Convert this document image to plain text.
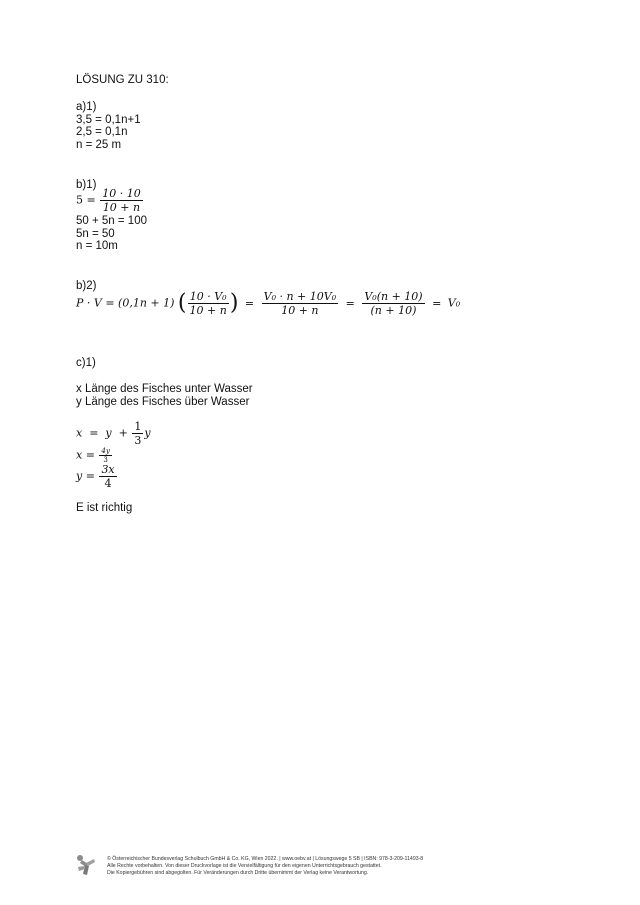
LÖSUNG ZU 310:
a)1)
3,5 = 0,1n+1
2,5 = 0,1n
n = 25 m
b)1)
$5 = \frac{10 \cdot 10}{10 + n}$
50 + 5n = 100
5n = 50
n = 10m
b)2)
P · V = (0,1n + 1) ( $\frac{\text{10 · V₀}}{10 + n}$ ) = $\frac{\text{V₀ · n + 10V₀}}{10 + n} = \frac{\text{V₀(n + 10)}}{(n + 10)} = V_0$
c)1)
x Länge des Fisches unter Wasser
y Länge des Fisches über Wasser
$x = y + \frac{1}{3}$ y
$x = \frac{4y}{3}$
$y = \frac{3x}{4}$
E ist richtig
© Österreichischer Bundesverlag Schulbuch GmbH & Co. KG, Wien 2022. | www.oebv.at | Lösungswege 5 SB | ISBN: 978-3-209-11493-8
Alle Rechte vorbehalten. Von dieser Druckvorlage ist die Vervielfältigung für den eigenen Unterrichtsgebrauch gestattet.
Die Kopiergebühren sind abgegolten. Für Veränderungen durch Dritte übernimmt der Verlag keine Verantwortung.
